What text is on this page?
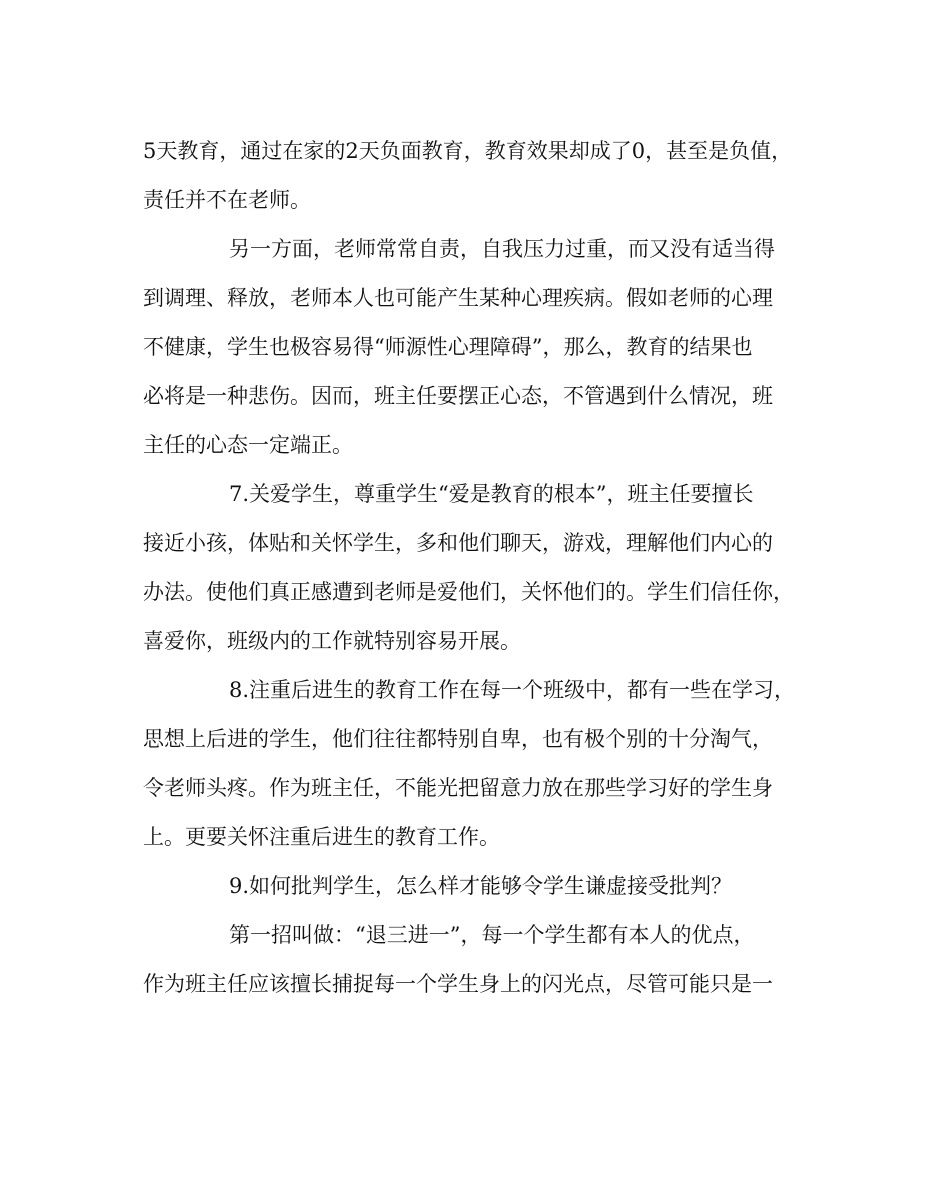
5天教育，通过在家的2天负面教育，教育效果却成了0，甚至是负值，
责任并不在老师。
另一方面，老师常常自责，自我压力过重，而又没有适当得
到调理、释放，老师本人也可能产生某种心理疾病。假如老师的心理
不健康，学生也极容易得“师源性心理障碍”，那么，教育的结果也
必将是一种悲伤。因而，班主任要摆正心态，不管遇到什么情况，班
主任的心态一定端正。
7.关爱学生，尊重学生“爱是教育的根本”，班主任要擅长
接近小孩，体贴和关怀学生，多和他们聊天，游戏，理解他们内心的
办法。使他们真正感遭到老师是爱他们，关怀他们的。学生们信任你，
喜爱你，班级内的工作就特别容易开展。
8.注重后进生的教育工作在每一个班级中，都有一些在学习，
思想上后进的学生，他们往往都特别自卑，也有极个别的十分淘气，
令老师头疼。作为班主任，不能光把留意力放在那些学习好的学生身
上。更要关怀注重后进生的教育工作。
9.如何批判学生，怎么样才能够令学生谦虚接受批判？
第一招叫做：“退三进一”，每一个学生都有本人的优点，
作为班主任应该擅长捕捉每一个学生身上的闪光点，尽管可能只是一
